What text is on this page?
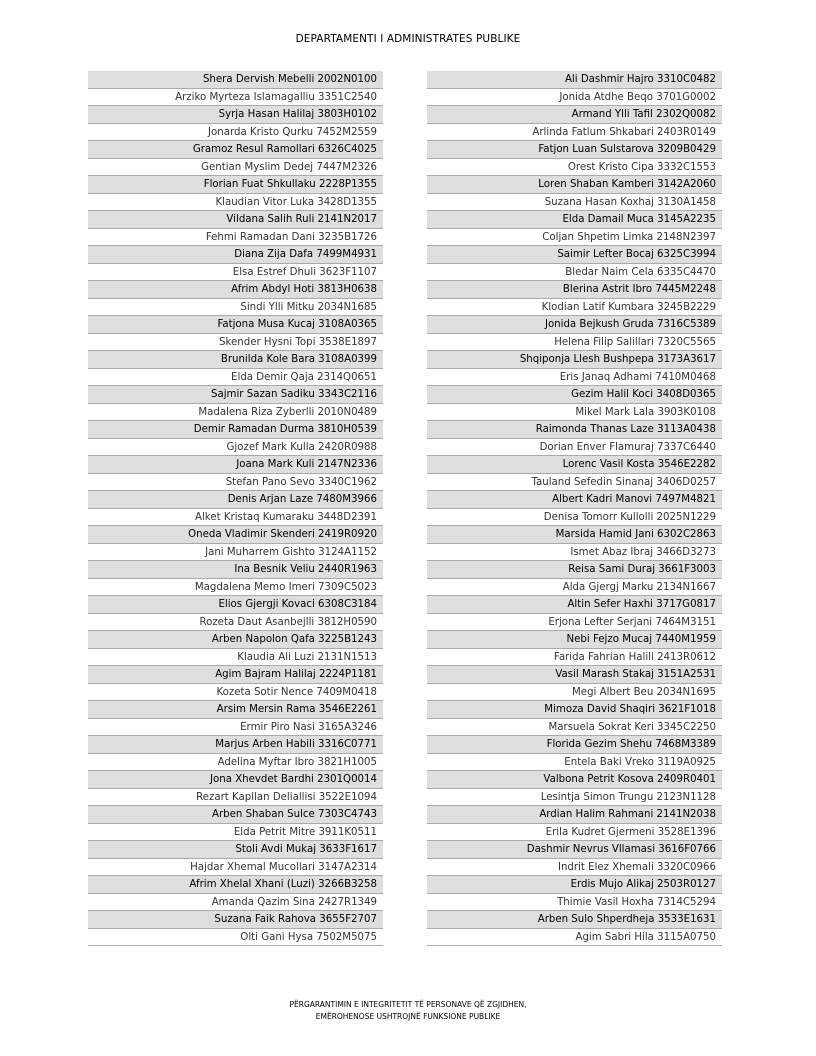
DEPARTAMENTI I ADMINISTRATES PUBLIKE
Shera Dervish Mebelli 2002N0100
Arziko Myrteza Islamagalliu 3351C2540
Syrja Hasan Halilaj 3803H0102
Jonarda Kristo Qurku 7452M2559
Gramoz Resul Ramollari 6326C4025
Gentian Myslim Dedej 7447M2326
Florian Fuat Shkullaku 2228P1355
Klaudian Vitor Luka 3428D1355
Vildana Salih Ruli 2141N2017
Fehmi Ramadan Dani 3235B1726
Diana Zija Dafa 7499M4931
Elsa Estref Dhuli 3623F1107
Afrim Abdyl Hoti 3813H0638
Sindi Ylli Mitku 2034N1685
Fatjona Musa Kucaj 3108A0365
Skender Hysni Topi 3538E1897
Brunilda Kole Bara 3108A0399
Elda Demir Qaja 2314Q0651
Sajmir Sazan Sadiku 3343C2116
Madalena Riza Zyberlli 2010N0489
Demir Ramadan Durma 3810H0539
Gjozef Mark Kulla 2420R0988
Joana Mark Kuli 2147N2336
Stefan Pano Sevo 3340C1962
Denis Arjan Laze 7480M3966
Alket Kristaq Kumaraku 3448D2391
Oneda Vladimir Skenderi 2419R0920
Jani Muharrem Gishto 3124A1152
Ina Besnik Veliu 2440R1963
Magdalena Memo Imeri 7309C5023
Elios Gjergji Kovaci 6308C3184
Rozeta Daut Asanbejlli 3812H0590
Arben Napolon Qafa 3225B1243
Klaudia Ali Luzi 2131N1513
Agim Bajram Halilaj 2224P1181
Kozeta Sotir Nence 7409M0418
Arsim Mersin Rama 3546E2261
Ermir Piro Nasi 3165A3246
Marjus Arben Habili 3316C0771
Adelina Myftar Ibro 3821H1005
Jona Xhevdet Bardhi 2301Q0014
Rezart Kapllan Deliallisi 3522E1094
Arben Shaban Sulce 7303C4743
Elda Petrit Mitre 3911K0511
Stoli Avdi Mukaj 3633F1617
Hajdar Xhemal Mucollari 3147A2314
Afrim Xhelal Xhani (Luzi) 3266B3258
Amanda Qazim Sina 2427R1349
Suzana Faik Rahova 3655F2707
Olti Gani Hysa 7502M5075
Ali Dashmir Hajro 3310C0482
Jonida Atdhe Beqo 3701G0002
Armand Ylli Tafil 2302Q0082
Arlinda Fatlum Shkabari 2403R0149
Fatjon Luan Sulstarova 3209B0429
Orest Kristo Cipa 3332C1553
Loren Shaban Kamberi 3142A2060
Suzana Hasan Koxhaj 3130A1458
Elda Damail Muca 3145A2235
Coljan Shpetim Limka 2148N2397
Saimir Lefter Bocaj 6325C3994
Bledar Naim Cela 6335C4470
Blerina Astrit Ibro 7445M2248
Klodian Latif Kumbara 3245B2229
Jonida Bejkush Gruda 7316C5389
Helena Filip Salillari 7320C5565
Shqiponja Llesh Bushpepa 3173A3617
Eris Janaq Adhami 7410M0468
Gezim Halil Koci 3408D0365
Mikel Mark Lala 3903K0108
Raimonda Thanas Laze 3113A0438
Dorian Enver Flamuraj 7337C6440
Lorenc Vasil Kosta 3546E2282
Tauland Sefedin Sinanaj 3406D0257
Albert Kadri Manovi 7497M4821
Denisa Tomorr Kullolli 2025N1229
Marsida Hamid Jani 6302C2863
Ismet Abaz Ibraj 3466D3273
Reisa Sami Duraj 3661F3003
Alda Gjergj Marku 2134N1667
Altin Sefer Haxhi 3717G0817
Erjona Lefter Serjani 7464M3151
Nebi Fejzo Mucaj 7440M1959
Farida Fahrian Halili 2413R0612
Vasil Marash Stakaj 3151A2531
Megi Albert Beu 2034N1695
Mimoza David Shaqiri 3621F1018
Marsuela Sokrat Keri 3345C2250
Florida Gezim Shehu 7468M3389
Entela Baki Vreko 3119A0925
Valbona Petrit Kosova 2409R0401
Lesintja Simon Trungu 2123N1128
Ardian Halim Rahmani 2141N2038
Erila Kudret Gjermeni 3528E1396
Dashmir Nevrus Vllamasi 3616F0766
Indrit Elez Xhemali 3320C0966
Erdis Mujo Alikaj 2503R0127
Thimie Vasil Hoxha 7314C5294
Arben Sulo Shperdheja 3533E1631
Agim Sabri Hila 3115A0750
PËRGARANTIMIN E INTEGRITETIT TË PERSONAVE QË ZGJIDHEN,
EMËROHENOSE USHTROJNË FUNKSIONE PUBLIKE
